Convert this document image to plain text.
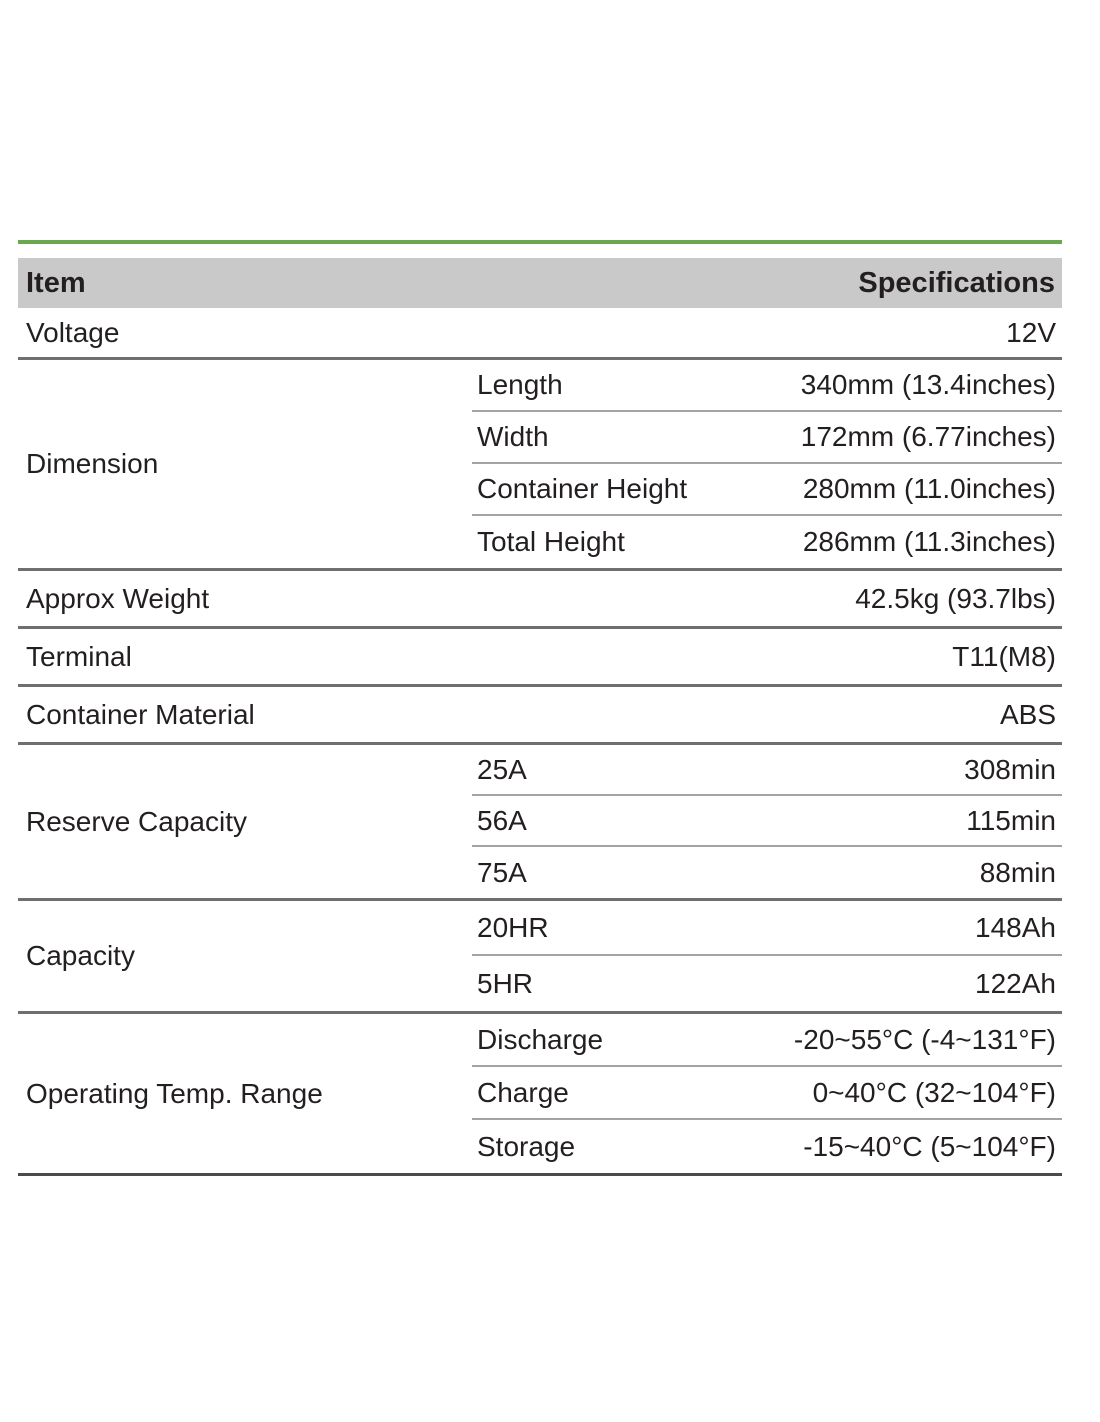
Item	Specifications
Voltage	12V
Dimension
Length	340mm (13.4inches)
Width	172mm (6.77inches)
Container Height	280mm (11.0inches)
Total Height	286mm (11.3inches)
Approx Weight	42.5kg (93.7lbs)
Terminal	T11(M8)
Container Material	ABS
Reserve Capacity
25A	308min
56A	115min
75A	88min
Capacity
20HR	148Ah
5HR	122Ah
Operating Temp. Range
Discharge	-20~55°C (-4~131°F)
Charge	0~40°C (32~104°F)
Storage	-15~40°C (5~104°F)
